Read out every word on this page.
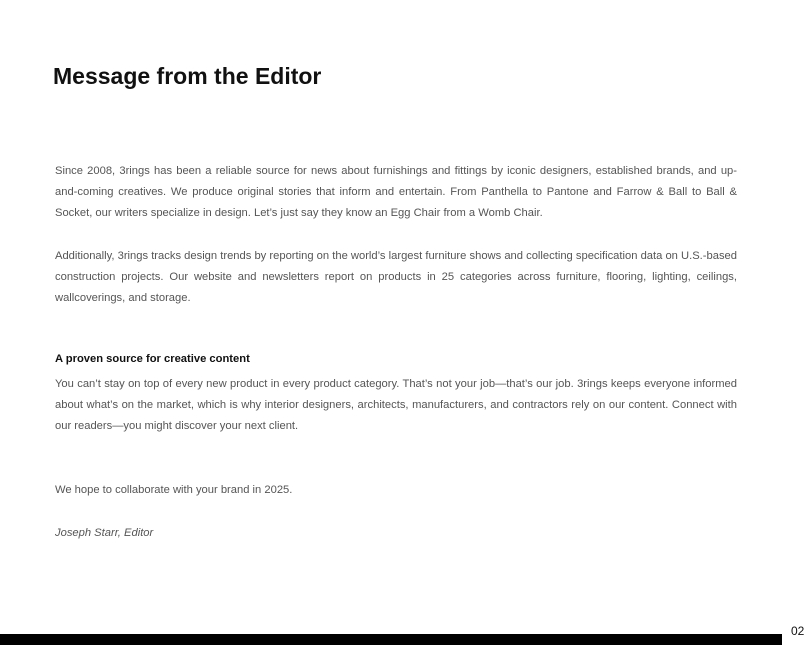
Message from the Editor

Since 2008, 3rings has been a reliable source for news about furnishings and fittings by iconic designers, established brands, and up-and-coming creatives. We produce original stories that inform and entertain. From Panthella to Pantone and Farrow & Ball to Ball & Socket, our writers specialize in design. Let’s just say they know an Egg Chair from a Womb Chair.

Additionally, 3rings tracks design trends by reporting on the world’s largest furniture shows and collecting specification data on U.S.-based construction projects. Our website and newsletters report on products in 25 categories across furniture, flooring, lighting, ceilings, wallcoverings, and storage.

A proven source for creative content

You can’t stay on top of every new product in every product category. That’s not your job—that’s our job. 3rings keeps everyone informed about what’s on the market, which is why interior designers, architects, manufacturers, and contractors rely on our content. Connect with our readers—you might discover your next client.

We hope to collaborate with your brand in 2025.

Joseph Starr, Editor

02
